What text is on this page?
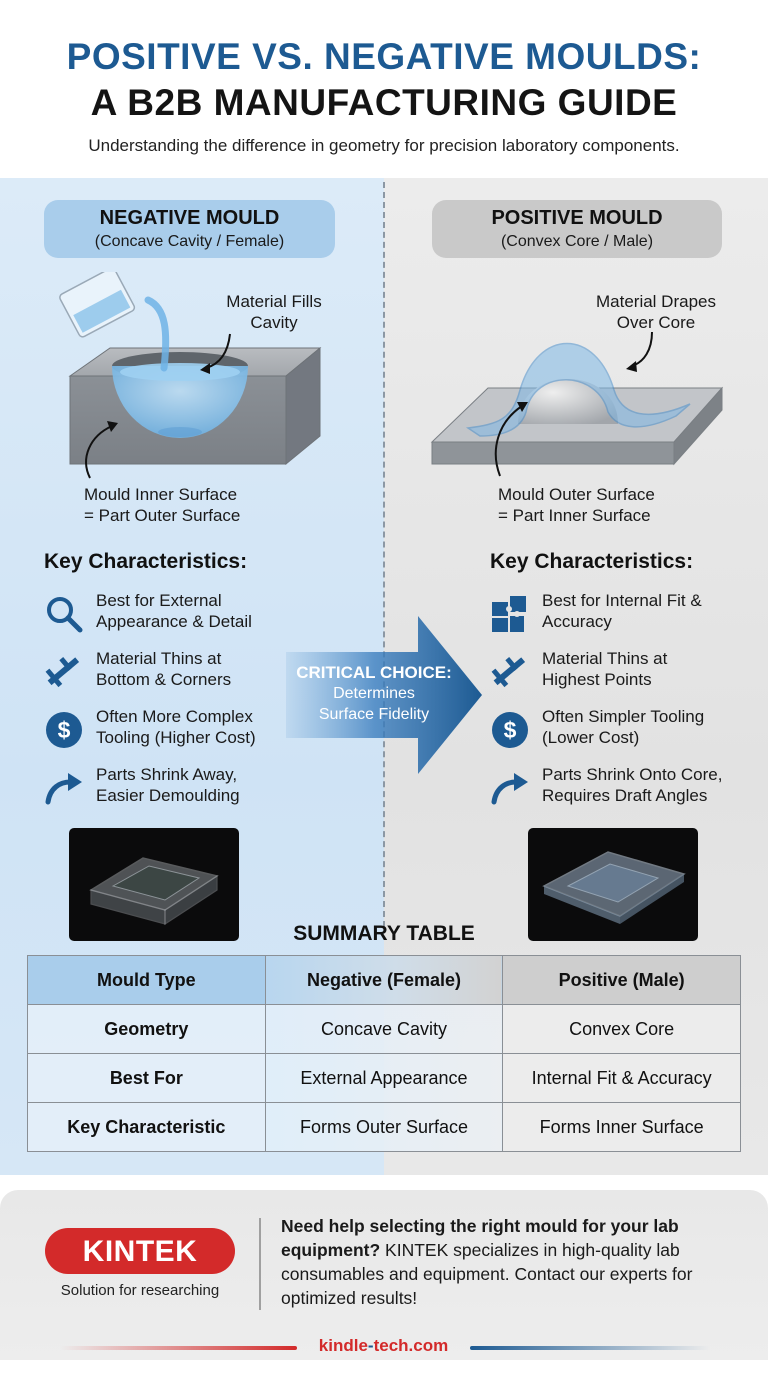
POSITIVE VS. NEGATIVE MOULDS:
A B2B MANUFACTURING GUIDE
Understanding the difference in geometry for precision laboratory components.
NEGATIVE MOULD
(Concave Cavity / Female)
POSITIVE MOULD
(Convex Core / Male)
Material Fills
Cavity
Mould Inner Surface
= Part Outer Surface
Material Drapes
Over Core
Mould Outer Surface
= Part Inner Surface
Key Characteristics:	Key Characteristics:
Best for External
Appearance & Detail
Material Thins at
Bottom & Corners
$
Often More Complex
Tooling (Higher Cost)
Parts Shrink Away,
Easier Demoulding
Best for Internal Fit &
Accuracy
Material Thins at
Highest Points
$
Often Simpler Tooling
(Lower Cost)
Parts Shrink Onto Core,
Requires Draft Angles
CRITICAL CHOICE:
Determines
Surface Fidelity
SUMMARY TABLE
Mould Type	Negative (Female)	Positive (Male)
Geometry	Concave Cavity	Convex Core
Best For	External Appearance	Internal Fit & Accuracy
Key Characteristic	Forms Outer Surface	Forms Inner Surface
KINTEK
Solution for researching
Need help selecting the right mould for your lab equipment? KINTEK specializes in high-quality lab consumables and equipment. Contact our experts for optimized results!
kindle-tech.com
